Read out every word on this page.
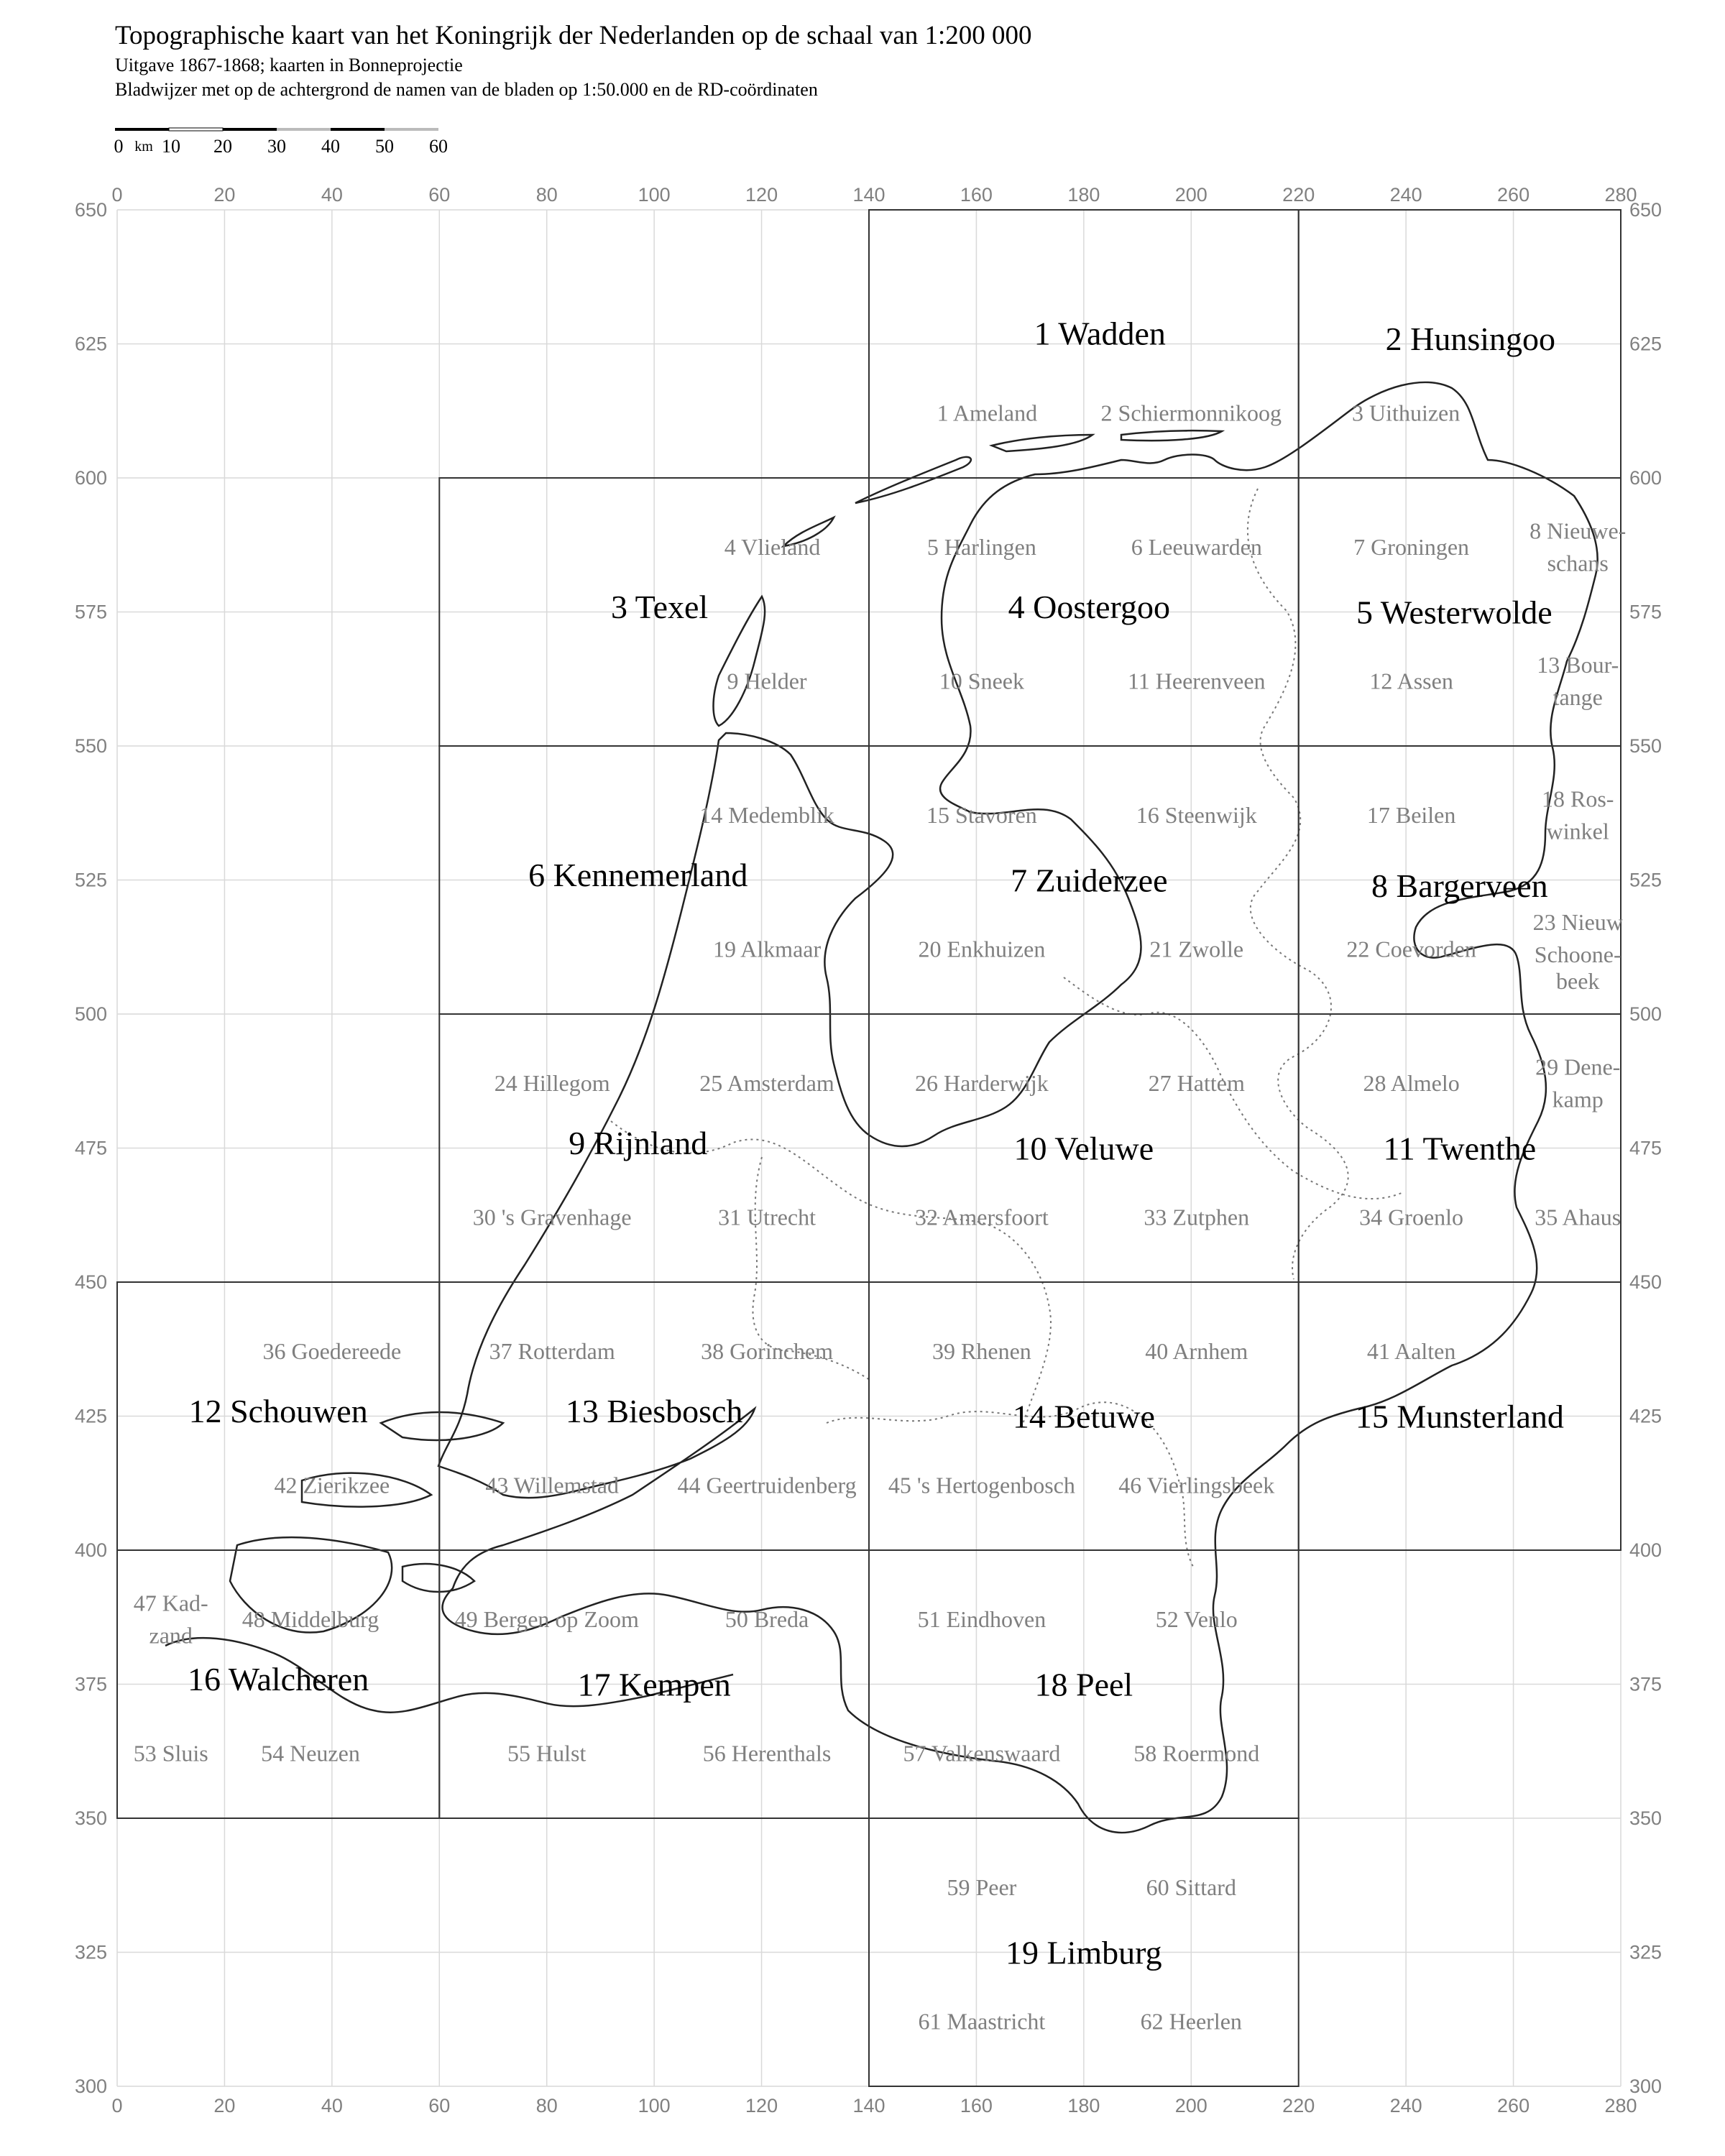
Topographische kaart van het Koningrijk der Nederlanden op de schaal van 1:200 000

Uitgave 1867-1868; kaarten in Bonneprojectie

Bladwijzer met op de achtergrond de namen van de bladen op 1:50.000 en de RD-coördinaten

0 km 10 20 30 40 50 60
0
0
20
20
40
40
60
60
80
80
100
100
120
120
140
140
160
160
180
180
200
200
220
220
240
240
260
260
280
280
650	650
625	625
600	600
575	575
550	550
525	525
500	500
475	475
450	450
425	425
400	400
375	375
350	350
325	325
300	300
1 Ameland	2 Schiermonnikoog	3 Uithuizen
4 Vlieland	5 Harlingen	6 Leeuwarden	7 Groningen
8 Nieuwe-
schans
9 Helder	10 Sneek	11 Heerenveen	12 Assen
13 Bour-
tange
14 Medemblik	15 Stavoren	16 Steenwijk	17 Beilen
18 Ros-
winkel
19 Alkmaar	20 Enkhuizen	21 Zwolle	22 Coevorden
23 Nieuw
Schoone-
beek
24 Hillegom	25 Amsterdam	26 Harderwijk	27 Hattem	28 Almelo
29 Dene-
kamp
30 's Gravenhage	31 Utrecht	32 Amersfoort	33 Zutphen	34 Groenlo	35 Ahaus
36 Goedereede	37 Rotterdam	38 Gorinchem	39 Rhenen	40 Arnhem	41 Aalten
42 Zierikzee	43 Willemstad	44 Geertruidenberg 45 's Hertogenbosch 46 Vierlingsbeek
47 Kad-
zand
48 Middelburg	49 Bergen op Zoom	50 Breda	51 Eindhoven	52 Venlo
53 Sluis 54 Neuzen	55 Hulst	56 Herenthals	57 Valkenswaard	58 Roermond
59 Peer	60 Sittard
61 Maastricht	62 Heerlen
1 Wadden	2 Hunsingoo
3 Texel	4 Oostergoo	5 Westerwolde
6 Kennemerland	7 Zuiderzee	8 Bargerveen
9 Rijnland	10 Veluwe	11 Twenthe
12 Schouwen	13 Biesbosch	14 Betuwe	15 Munsterland
16 Walcheren	17 Kempen	18 Peel
19 Limburg
